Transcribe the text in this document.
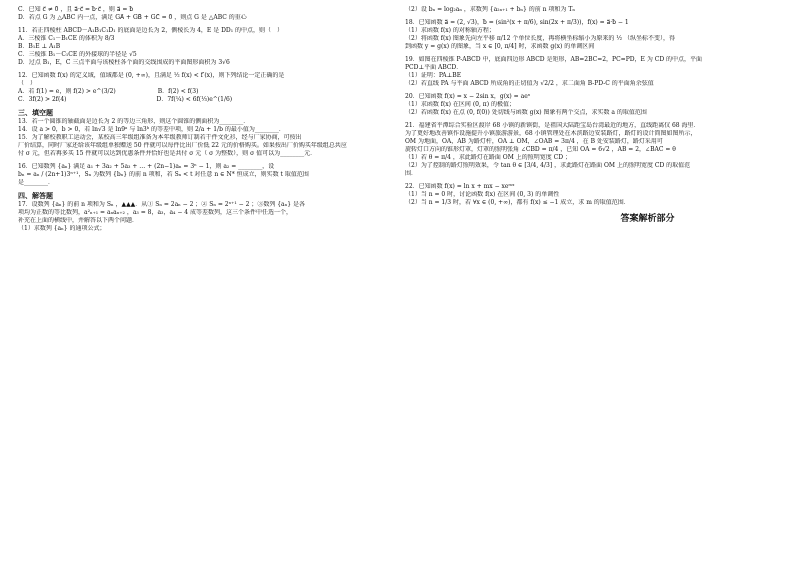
C．已知 c⃗ ≠ 0⃗ ，且 a⃗·c⃗ = b⃗·c⃗ ，则 a⃗ = b⃗
D．若点 G 为 △ABC 内一点，满足 GA⃗ + GB⃗ + GC⃗ = 0⃗ ，则点 G 是 △ABC 的重心
11．若正四棱柱 ABCD－A₁B₁C₁D₁ 的底面是边长为 2，侧棱长为 4，E 是 DD₁ 的中点，则（　）
A．三棱锥 C₁－B₁CE 的体积为 8/3
B．B₁E ⊥ A₁B
C．三棱锥 B₁－C₁CE 的外接球的半径是 √5
D．过点 B₁，E，C 三点平面与该棱柱各个面的交线围成的平面图形面积为 3√6
12．已知函数 f(x) 的定义域，值域都是 (0, +∞)，且满足 ½ f(x) < f′(x)，则下列结论一定正确的是
（　）
A．若 f(1) = e，则 f(2) > e^(3/2)　　　　　　　B．f(2) < f(3)
C．3f(2) > 2f(4)　　　　　　　　　　　　　　　D．7f(¼) < 6f(⅓)e^(1/6)
三、填空题
13．若一个圆锥的轴截面是边长为 2 的等边三角形，则这个圆锥的侧面积为________．
14．设 a > 0，b > 0，若 ln√3 是 ln9ᵃ 与 ln3ᵇ 的等差中项，则 2/a + 1/b 的最小值为________．
15．为了解校教职工运动会，某校高三年级组准备为本年级教师订制若干件文化衫，经与厂家协商，可按出
厂价结算，同时厂家还给该年级组单独赠送 50 件就可以每件比出厂价低 22 元的价格购买。如果按出厂价购买年级组总共应
付 σ 元，但若再多买 15 件就可以达到优惠条件并恰好也是共付 σ 元（ σ 为整数），则 σ 值可以为________元．
16．已知数列 {aₙ} 满足 a₁ + 3a₂ + 5a₃ + … + (2n−1)aₙ = 3ⁿ − 1，则 a₂ = ________，设
bₙ = aₙ / (2n+1)3ⁿ⁺¹，Sₙ 为数列 {bₙ} 的前 n 项和，若 Sₙ < t 对任意 n ∈ N* 恒成立，则实数 t 取值范围
是________．
四、解答题
17．设数列 {aₙ} 的前 n 项和为 Sₙ ，▲▲▲．从① Sₙ = 2aₙ − 2 ；② Sₙ = 2ⁿ⁺¹ − 2 ；③数列 {aₙ} 是各
项均为正数的等比数列，a²ₙ₊₁ = aₙaₙ₊₂ ，a₃ = 8，a₃，a₄ − 4 成等差数列，这三个条件中任选一个，
补充在上面的横线中，并解答以下两个问题．
（1）求数列 {aₙ} 的通项公式；
（2）设 bₙ = log₂aₙ ，求数列 {a₂ₙ₊₁ + bₙ} 的前 n 项和为 Tₙ
18．已知函数 a⃗ = (2, √3)，b⃗ = (sin²(x + π/6), sin(2x + π/3))，f(x) = a⃗·b⃗ − 1
（1）求函数 f(x) 的对称轴方程；
（2）将函数 f(x) 图象先向左平移 π/12 个单位长度，再将横坐标缩小为原来的 ½ （纵坐标不变），得
到函数 y = g(x) 的图象，当 x ∈ [0, π/4] 时，求函数 g(x) 的单调区间
19．如图在四棱锥 P-ABCD 中，底面四边形 ABCD 是矩形，AB=2BC=2，PC=PD，E 为 CD 的中点，平面
PCD⊥平面 ABCD．
（1）证明：PA⊥BE
（2）若直线 PA 与平面 ABCD 所成角的正切值为 √2/2 ，求二面角 B-PD-C 的平面角余弦值
20．已知函数 f(x) = x − 2sin x，g(x) = aeˣ
（1）求函数 f(x) 在区间 (0, π) 的极值；
（2）若函数 f(x) 在点 (0, f(0)) 处切线与函数 g(x) 图象有两个交点，求实数 a 的取值范围
21．福建省平潭综合实验区渡岸 68 小镇的新镇街，是祖国大陆距宝岛台湾最近的地方，直线距离仅 68 海里．
为了更好地改善镇作设施提升小镇旅游游景，68 小镇管理处在木滨路边安装路灯，路灯的设计简图如图所示，
OM 为地面，OA，AB 为路灯杆，OA ⊥ OM，∠OAB = 3π/4 ，在 B 处安装路灯，路灯采用可
旋转灯口方向的锥形灯罩，灯罩的照明张角 ∠CBD = π/4 ，已知 OA = 6√2 ，AB = 2，∠BAC = θ
（1）若 θ = π/4 ，求此路灯在路面 OM 上的照明宽度 CD ；
（2）为了控制的路灯照明效果，令 tan θ ∈ [3/4, 4/3] ，求此路灯在路面 OM 上的照明宽度 CD 的取值范
围．
22．已知函数 f(x) = ln x + mx − xeᵐˣ
（1）当 n = 0 时，讨论函数 f(x) 在区间 (0, 3) 的单调性
（2）当 n = 1/3 时，若 ∀x ∈ (0, +∞)，都有 f(x) ≤ −1 成立，求 m 的取值范围．
答案解析部分
